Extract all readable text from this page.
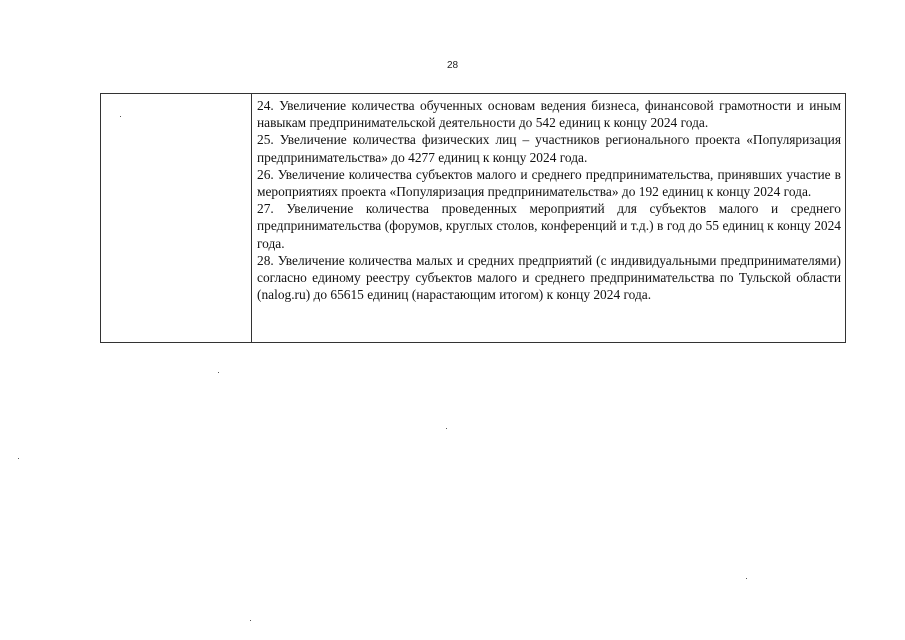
28

24. Увеличение количества обученных основам ведения бизнеса, финансовой грамотности и иным навыкам предпринимательской деятельности до 542 единиц к концу 2024 года.

25. Увеличение количества физических лиц – участников регионального проекта «Популяризация предпринимательства» до 4277 единиц к концу 2024 года.

26. Увеличение количества субъектов малого и среднего предпринимательства, принявших участие в мероприятиях проекта «Популяризация предпринимательства» до 192 единиц к концу 2024 года.

27. Увеличение количества проведенных мероприятий для субъектов малого и среднего предпринимательства (форумов, круглых столов, конференций и т.д.) в год до 55 единиц к концу 2024 года.

28. Увеличение количества малых и средних предприятий (с индивидуальными предпринимателями) согласно единому реестру субъектов малого и среднего предпринимательства по Тульской области (nalog.ru) до 65615 единиц (нарастающим итогом) к концу 2024 года.
